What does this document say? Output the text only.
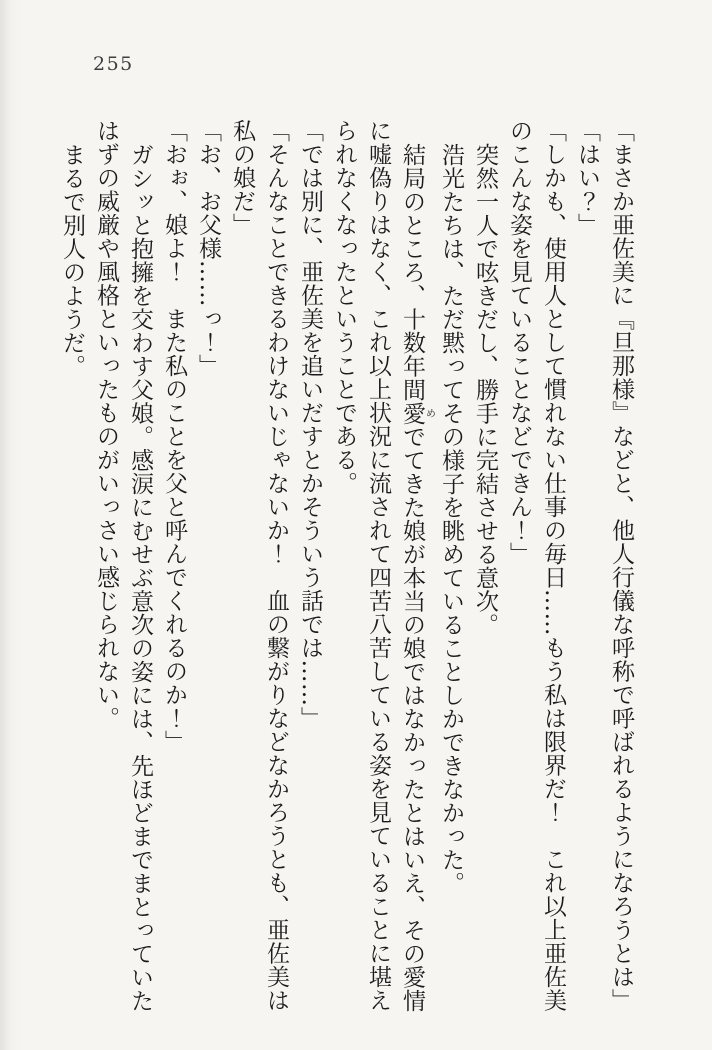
255

「まさか亜佐美に『旦那様』などと、他人行儀な呼称で呼ばれるようになろうとは」

「はい？」

「しかも、使用人として慣れない仕事の毎日……もう私は限界だ！　これ以上亜佐美

のこんな姿を見ていることなどできん！」

突然一人で呟きだし、勝手に完結させる意次。

浩光たちは、ただ黙ってその様子を眺めていることしかできなかった。

結局のところ、十数年間愛めでてきた娘が本当の娘ではなかったとはいえ、その愛情

に嘘偽りはなく、これ以上状況に流されて四苦八苦している姿を見ていることに堪え

られなくなったということである。

「では別に、亜佐美を追いだすとかそういう話では……」

「そんなことできるわけないじゃないか！　血の繋がりなどなかろうとも、亜佐美は

私の娘だ」

「お、お父様……っ！」

「おぉ、娘よ！　また私のことを父と呼んでくれるのか！」

ガシッと抱擁を交わす父娘。感涙にむせぶ意次の姿には、先ほどまでまとっていた

はずの威厳や風格といったものがいっさい感じられない。

まるで別人のようだ。
